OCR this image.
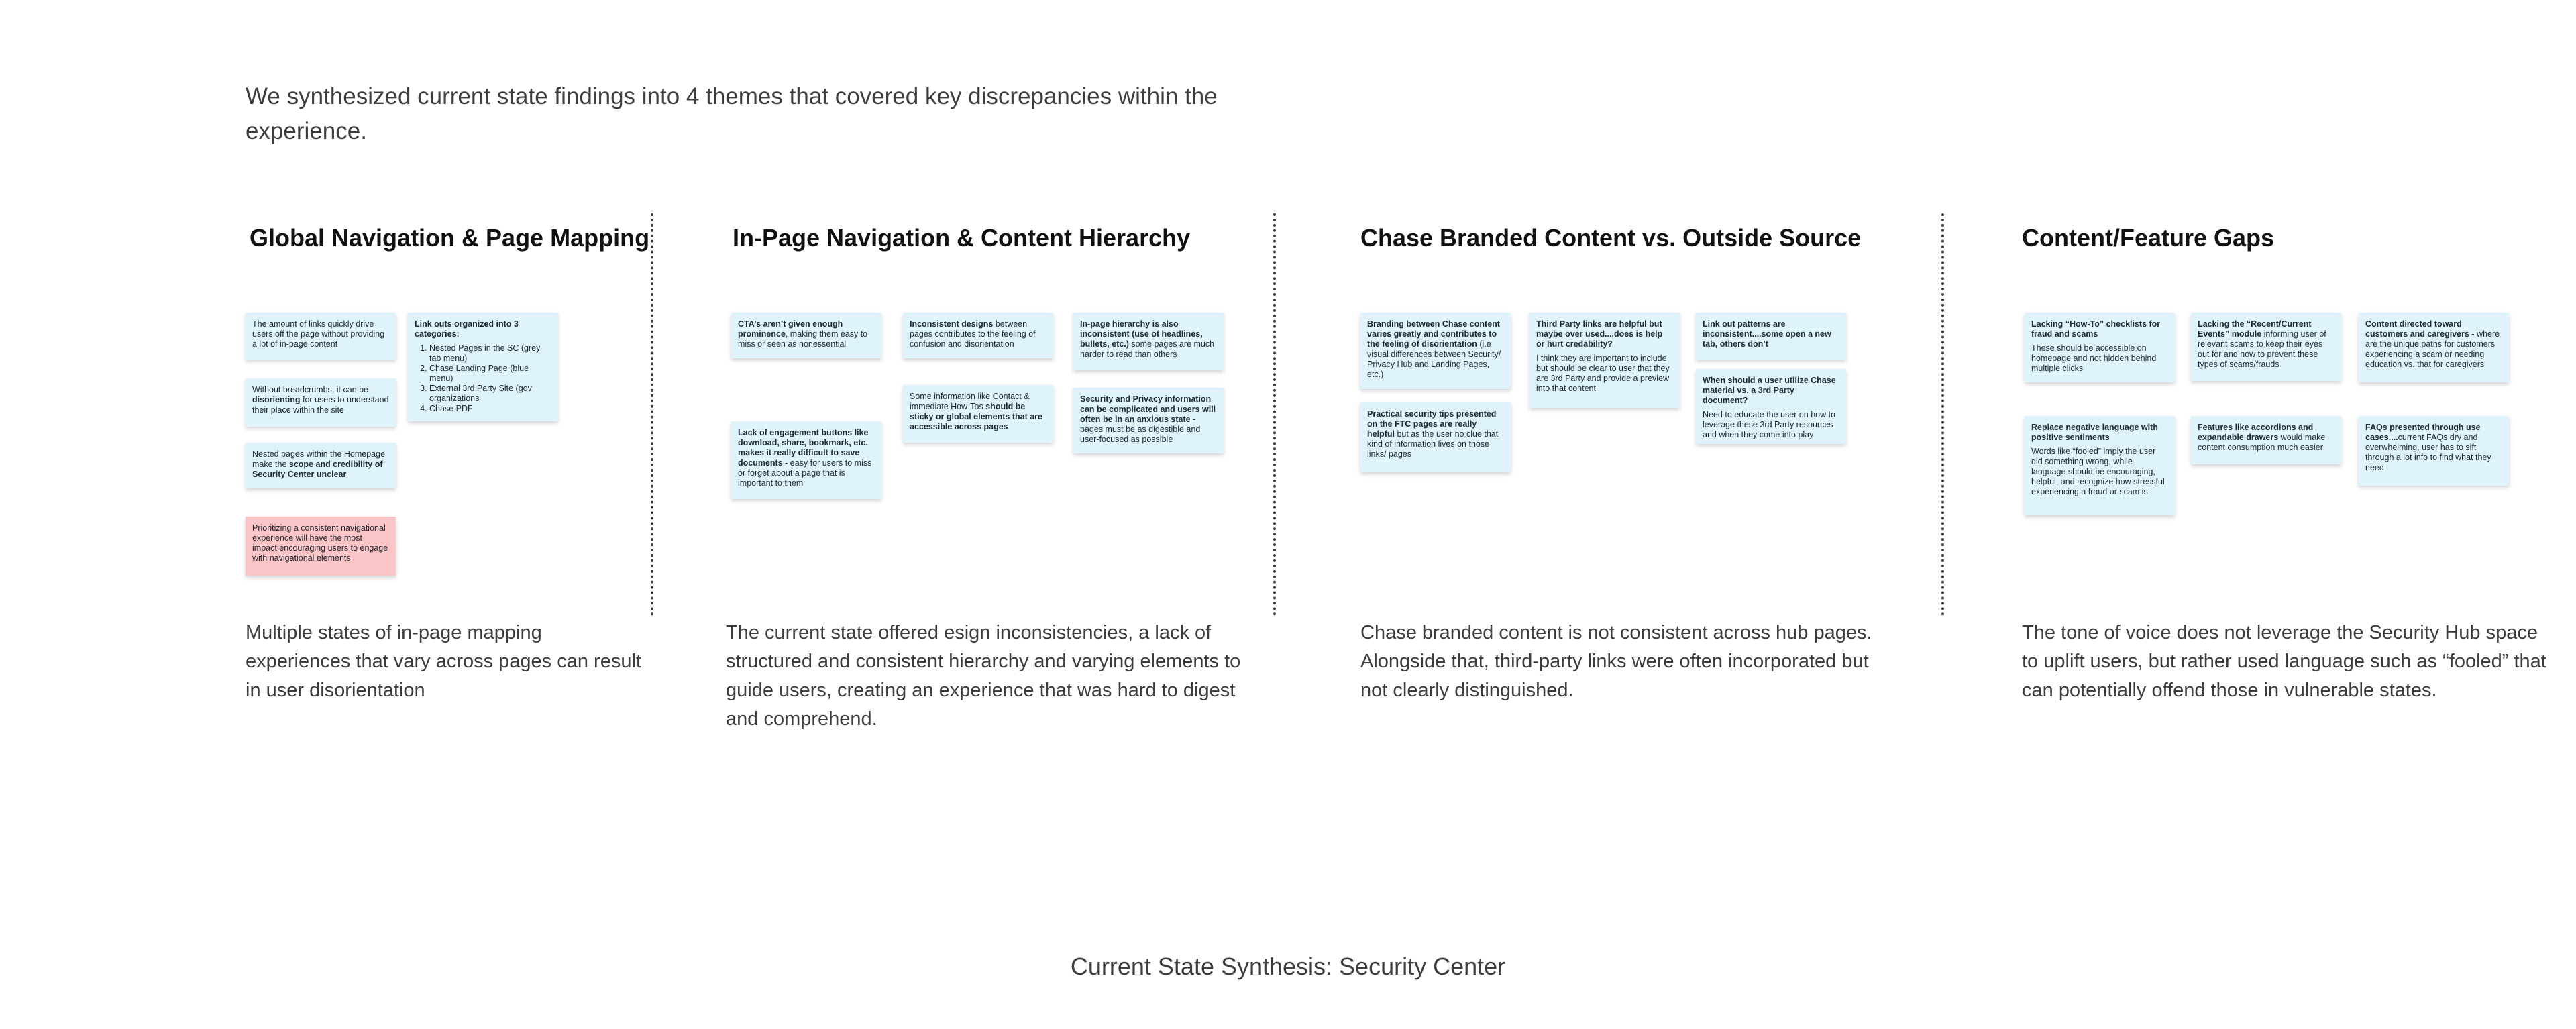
We synthesized current state findings into 4 themes that covered key discrepancies within the experience.
Global Navigation & Page Mapping

The amount of links quickly drive users off the page without providing a lot of in-page content

Without breadcrumbs, it can be disorienting for users to understand their place within the site

Nested pages within the Homepage make the scope and credibility of Security Center unclear

Prioritizing a consistent navigational experience will have the most impact encouraging users to engage with navigational elements

Link outs organized into 3 categories:

1. Nested Pages in the SC (grey tab menu)
2. Chase Landing Page (blue menu)
3. External 3rd Party Site (gov organizations
4. Chase PDF

Multiple states of in-page mapping experiences that vary across pages can result in user disorientation

In-Page Navigation & Content Hierarchy

CTA’s aren’t given enough prominence, making them easy to miss or seen as nonessential

Lack of engagement buttons like download, share, bookmark, etc. makes it really difficult to save documents - easy for users to miss or forget about a page that is important to them

Inconsistent designs between pages contributes to the feeling of confusion and disorientation

Some information like Contact & immediate How-Tos should be sticky or global elements that are accessible across pages

In-page hierarchy is also inconsistent (use of headlines, bullets, etc.) some pages are much harder to read than others

Security and Privacy information can be complicated and users will often be in an anxious state - pages must be as digestible and user-focused as possible

The current state offered esign inconsistencies, a lack of structured and consistent hierarchy and varying elements to guide users, creating an experience that was hard to digest and comprehend.

Chase Branded Content vs. Outside Source

Branding between Chase content varies greatly and contributes to the feeling of disorientation (i.e visual differences between Security/ Privacy Hub and Landing Pages, etc.)

Practical security tips presented on the FTC pages are really helpful but as the user no clue that kind of information lives on those links/ pages

Third Party links are helpful but maybe over used....does is help or hurt credability?

I think they are important to include but should be clear to user that they are 3rd Party and provide a preview into that content

Link out patterns are inconsistent....some open a new tab, others don’t

When should a user utilize Chase material vs. a 3rd Party document?

Need to educate the user on how to leverage these 3rd Party resources and when they come into play

Chase branded content is not consistent across hub pages. Alongside that, third-party links were often incorporated but not clearly distinguished.

Content/Feature Gaps

Lacking “How-To” checklists for fraud and scams

These should be accessible on homepage and not hidden behind multiple clicks

Replace negative language with positive sentiments

Words like “fooled” imply the user did something wrong, while language should be encouraging, helpful, and recognize how stressful experiencing a fraud or scam is

Lacking the “Recent/Current Events” module informing user of relevant scams to keep their eyes out for and how to prevent these types of scams/frauds

Features like accordions and expandable drawers would make content consumption much easier

Content directed toward customers and caregivers - where are the unique paths for customers experiencing a scam or needing education vs. that for caregivers

FAQs presented through use cases....current FAQs dry and overwhelming, user has to sift through a lot info to find what they need

The tone of voice does not leverage the Security Hub space to uplift users, but rather used language such as “fooled” that can potentially offend those in vulnerable states.

Current State Synthesis: Security Center
